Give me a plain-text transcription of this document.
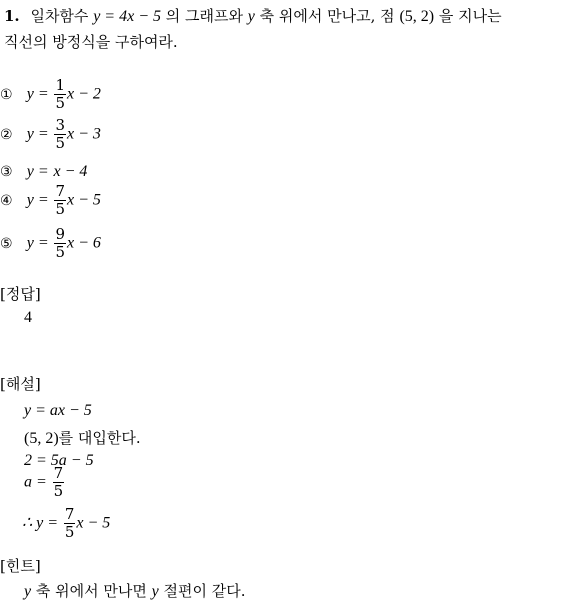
1. 일차함수 y = 4x − 5 의 그래프와 y 축 위에서 만나고, 점 (5, 2) 을 지나는
직선의 방정식을 구하여라.
① $y = \frac{1}{5}$ x − 2
② $y = \frac{3}{5}$ x − 3
③ y = x − 4
④ $y = \frac{7}{5}$ x − 5
⑤ $y = \frac{9}{5}$ x − 6
[정답]
4
[해설]
y = ax − 5
(5, 2)를 대입한다.
2 = 5a − 5
$a = \frac{7}{5}$
∴ $y = \frac{7}{5}$ x − 5
[힌트]
y 축 위에서 만나면 y 절편이 같다.
